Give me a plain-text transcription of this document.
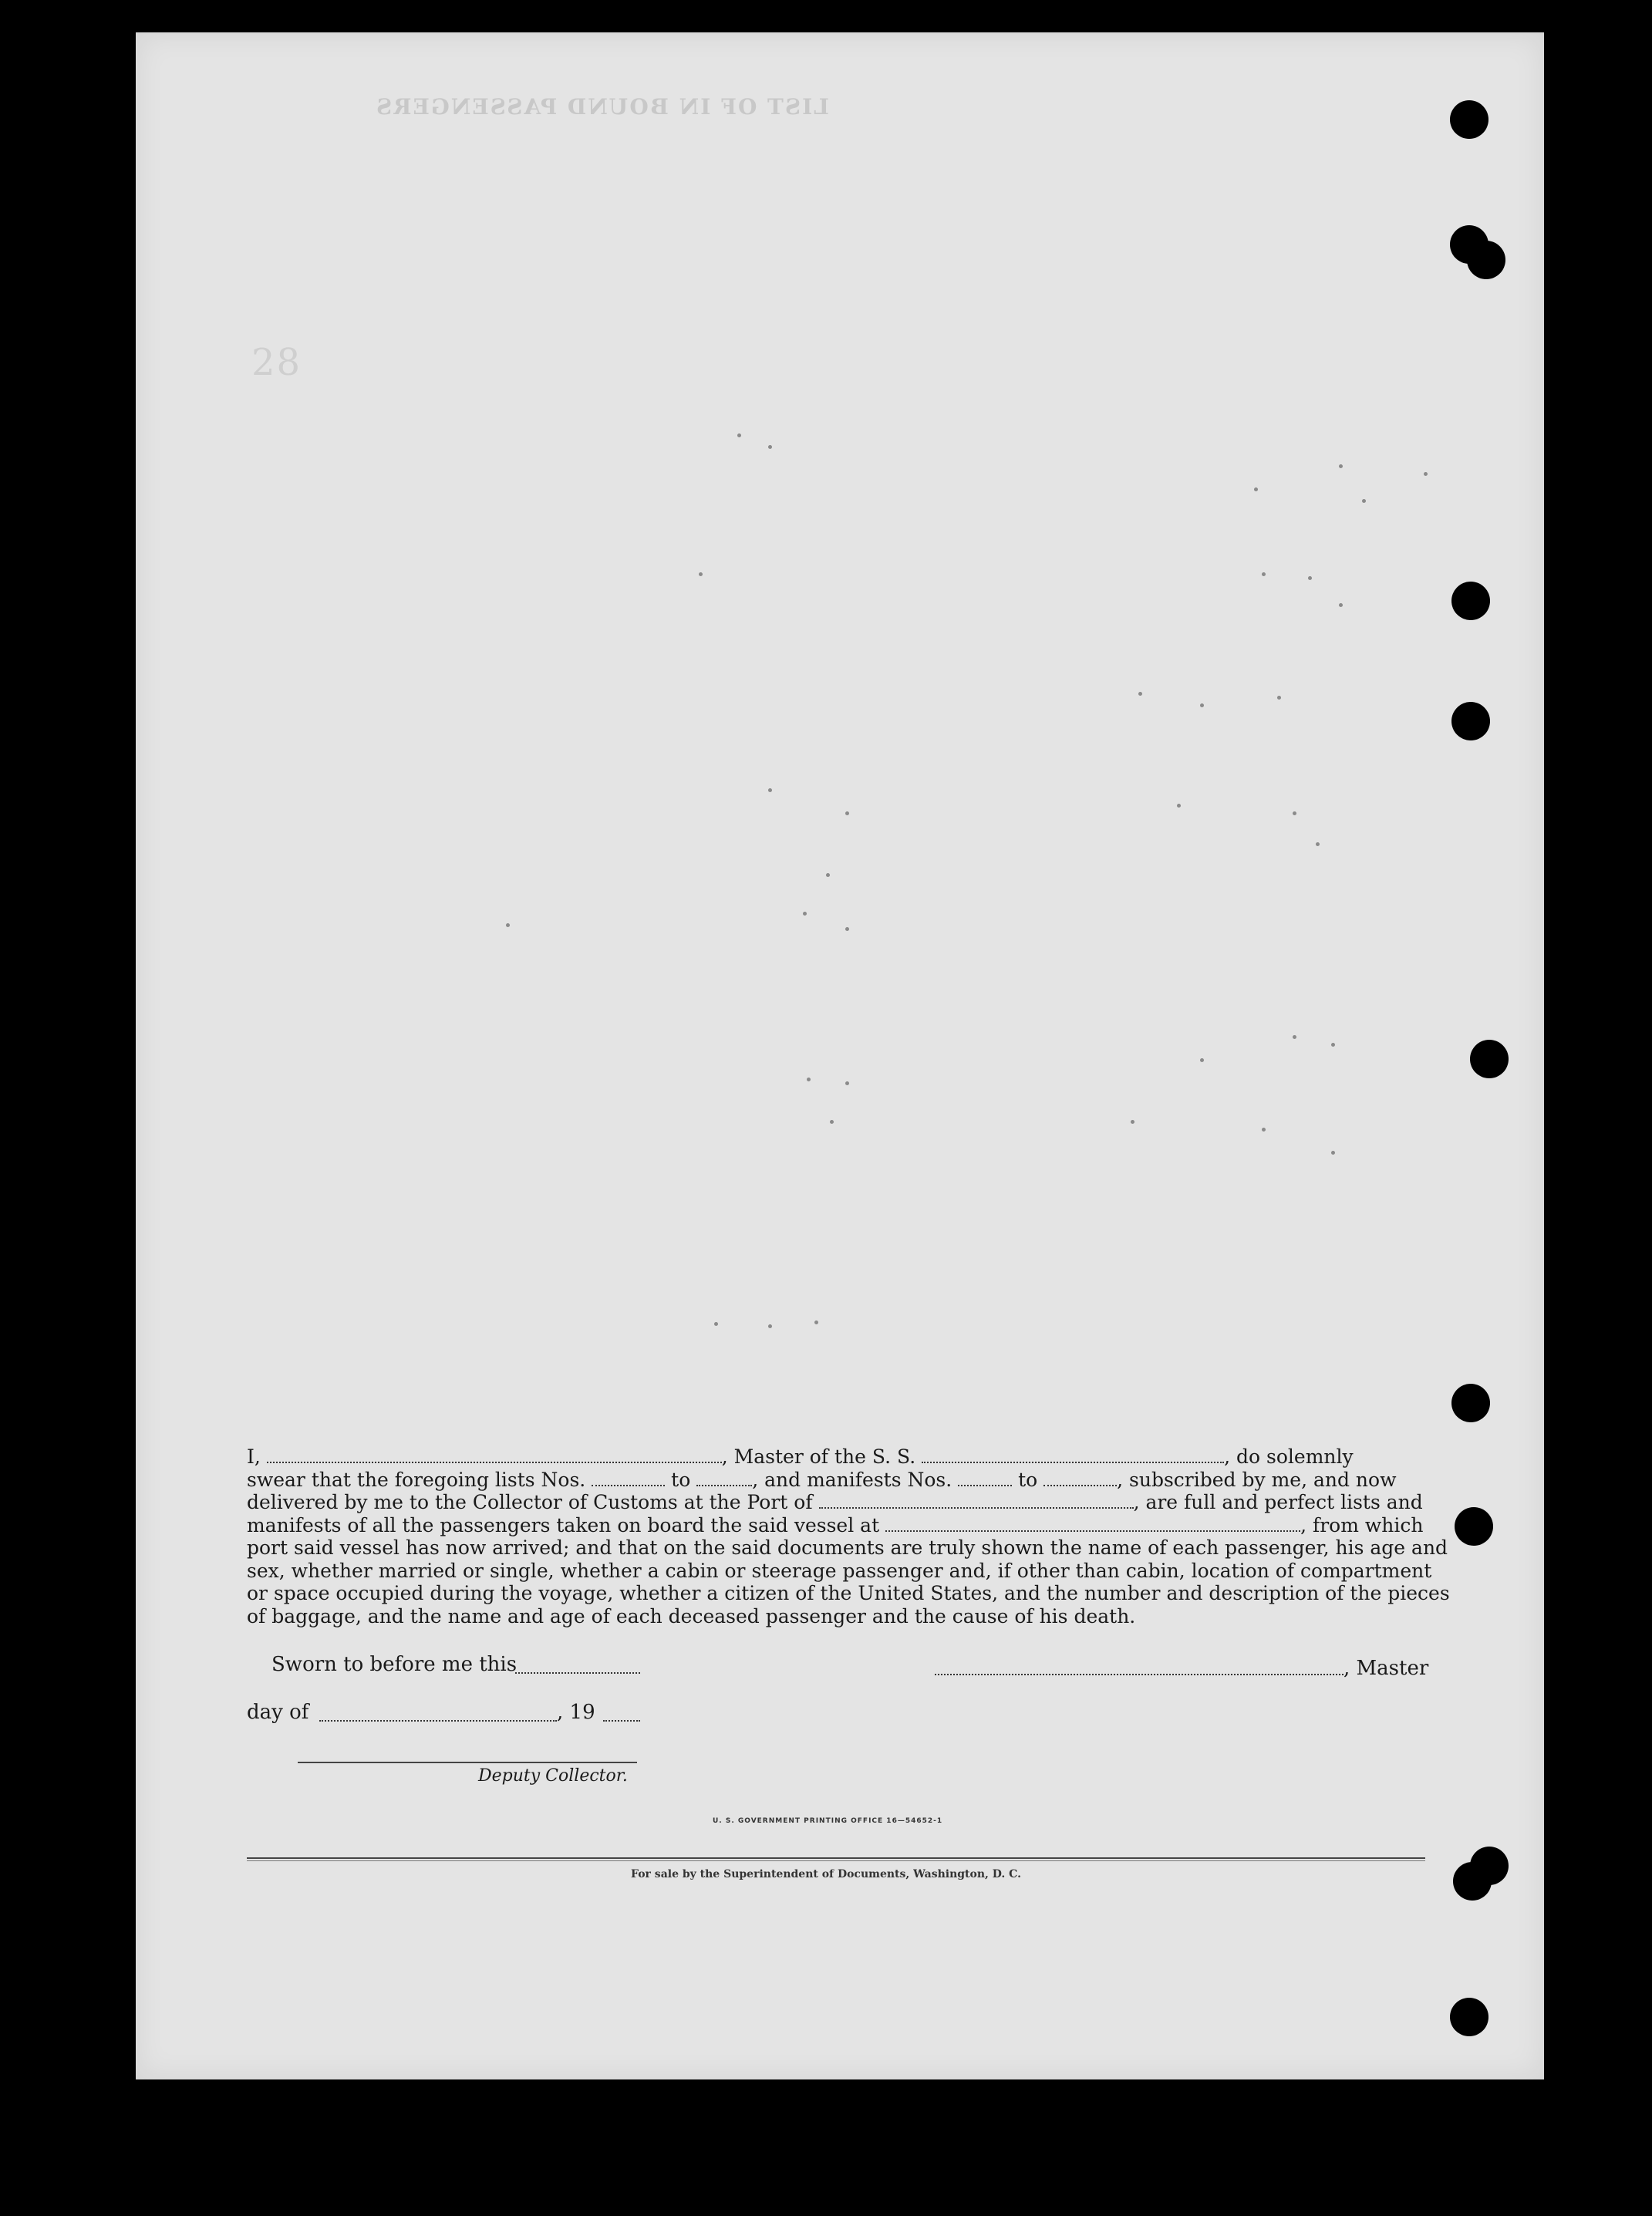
LIST OF IN BOUND PASSENGERS
28
I,	, Master of the S. S.	, do solemnly
swear that the foregoing lists Nos.	to	, and manifests Nos.	to	, subscribed by me, and now
delivered by me to the Collector of Customs at the Port of	, are full and perfect lists and
manifests of all the passengers taken on board the said vessel at	, from which
port said vessel has now arrived; and that on the said documents are truly shown the name of each passenger, his age and
sex, whether married or single, whether a cabin or steerage passenger and, if other than cabin, location of compartment
or space occupied during the voyage, whether a citizen of the United States, and the number and description of the pieces
of baggage, and the name and age of each deceased passenger and the cause of his death.
Sworn to before me this	, Master
day of	, 19
Deputy Collector.
U. S. GOVERNMENT PRINTING OFFICE 16—54652-1
For sale by the Superintendent of Documents, Washington, D. C.
